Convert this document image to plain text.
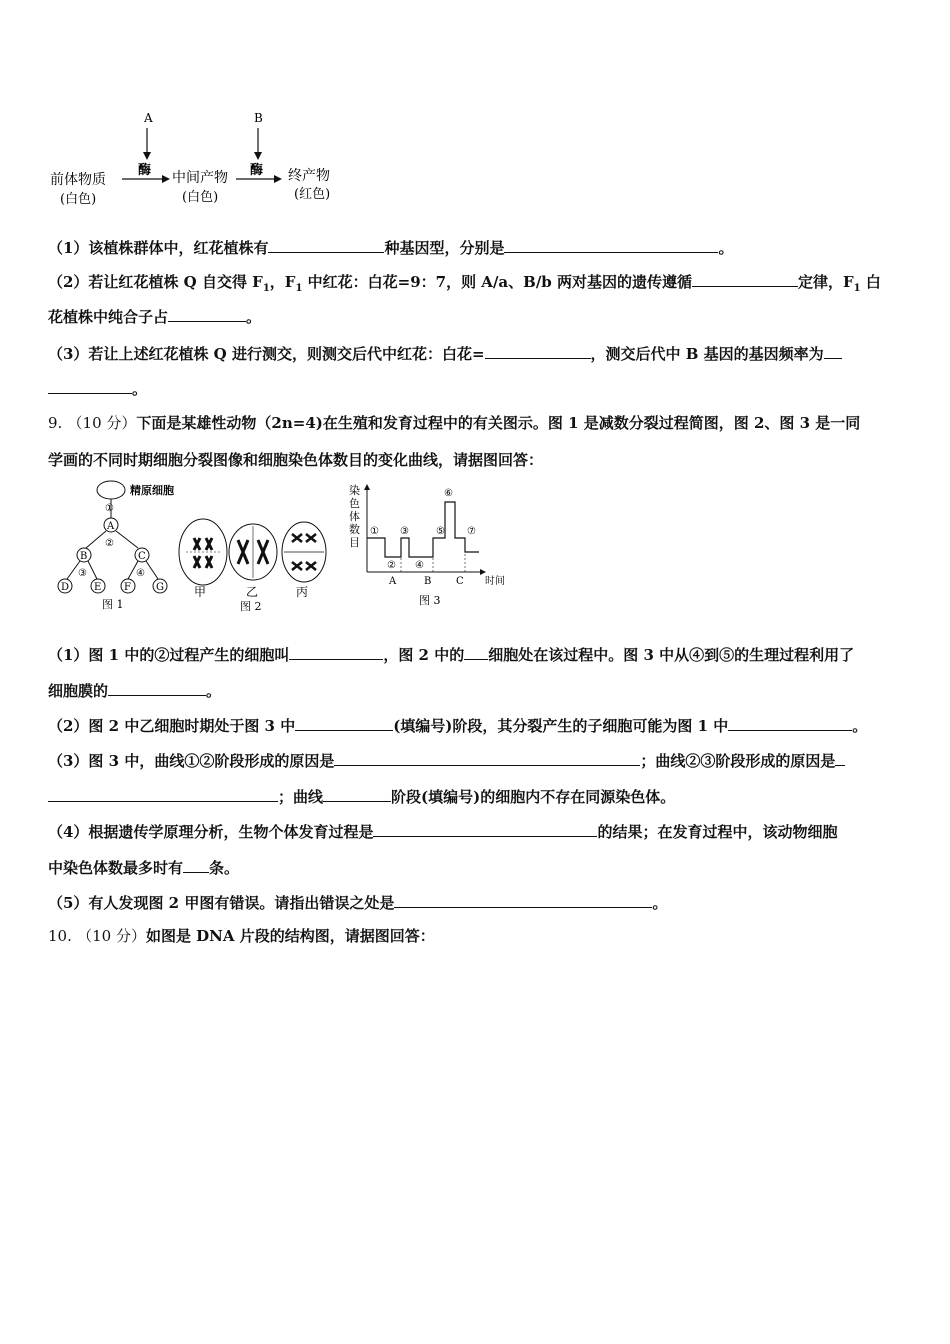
A	B
酶	酶
前体物质
(白色)
中间产物
(白色)
终产物
(红色)
（1）该植株群体中，红花植株有	种基因型，分别是	。
（2）若让红花植株 Q 自交得 $F_1$，$F_1$ 中红花：白花=9：7，则 A/a、B/b 两对基因的遗传遵循	定律，$F_1$ 白
花植株中纯合子占	。
（3）若让上述红花植株 Q 进行测交，则测交后代中红花：白花=	，测交后代中 B 基因的基因频率为
。
9. （10 分）下面是某雄性动物（2n=4)在生殖和发育过程中的有关图示。图 1 是减数分裂过程简图，图 2、图 3 是一同
学画的不同时期细胞分裂图像和细胞染色体数目的变化曲线，请据图回答：
精原细胞
①
A
②
B	C
③	④
D E F	G
图 1
甲	乙	丙
图 2
染
色
体
数
目
①
②
③
④
⑤
⑥
⑦
A	B C 时间
图 3
（1）图 1 中的②过程产生的细胞叫	，图 2 中的 细胞处在该过程中。图 3 中从④到⑤的生理过程利用了
细胞膜的	。
（2）图 2 中乙细胞时期处于图 3 中	(填编号)阶段，其分裂产生的子细胞可能为图 1 中	。
（3）图 3 中，曲线①②阶段形成的原因是	；曲线②③阶段形成的原因是
；曲线	阶段(填编号)的细胞内不存在同源染色体。
（4）根据遗传学原理分析，生物个体发育过程是	的结果；在发育过程中，该动物细胞
中染色体数最多时有 条。
（5）有人发现图 2 甲图有错误。请指出错误之处是	。
10. （10 分）如图是 DNA 片段的结构图，请据图回答：
